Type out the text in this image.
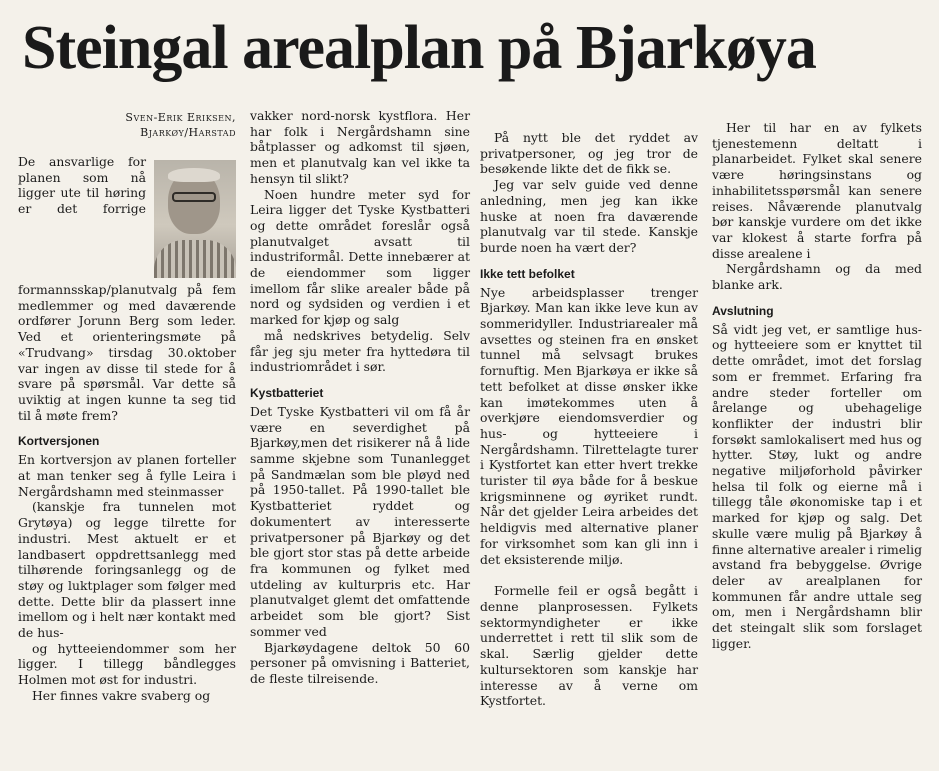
Steingal arealplan på Bjarkøya
Sven-Erik Eriksen,
Bjarkøy/Harstad

De ansvarlige for planen som nå ligger ute til høring er det forrige formannsskap/planutvalg på fem medlemmer og med daværende ordfører Jorunn Berg som leder. Ved et orienteringsmøte på «Trudvang» tirsdag 30.oktober var ingen av disse til stede for å svare på spørsmål. Var dette så uviktig at ingen kunne ta seg tid til å møte frem?

Kortversjonen

En kortversjon av planen forteller at man tenker seg å fylle Leira i Nergårdshamn med steinmasser

(kanskje fra tunnelen mot Grytøya) og legge tilrette for industri. Mest aktuelt er et landbasert oppdrettsanlegg med tilhørende foringsanlegg og de støy og luktplager som følger med dette. Dette blir da plassert inne imellom og i helt nær kontakt med de hus-

og hytteeiendommer som her ligger. I tillegg båndlegges Holmen mot øst for industri.

Her finnes vakre svaberg og

vakker nord-norsk kystflora. Her har folk i Nergårdshamn sine båtplasser og adkomst til sjøen, men et planutvalg kan vel ikke ta hensyn til slikt?

Noen hundre meter syd for Leira ligger det Tyske Kystbatteri og dette området foreslår også planutvalget avsatt til industriformål. Dette innebærer at de eiendommer som ligger imellom får slike arealer både på nord og sydsiden og verdien i et marked for kjøp og salg

må nedskrives betydelig. Selv får jeg sju meter fra hyttedøra til industriområdet i sør.

Kystbatteriet

Det Tyske Kystbatteri vil om få år være en severdighet på Bjarkøy,men det risikerer nå å lide samme skjebne som Tunanlegget på Sandmælan som ble pløyd ned på 1950-tallet. På 1990-tallet ble Kystbatteriet ryddet og dokumentert av interesserte privatpersoner på Bjarkøy og det ble gjort stor stas på dette arbeide fra kommunen og fylket med utdeling av kulturpris etc. Har planutvalget glemt det omfattende arbeidet som ble gjort? Sist sommer ved

Bjarkøydagene deltok 50 60 personer på omvisning i Batteriet, de fleste tilreisende.

På nytt ble det ryddet av privatpersoner, og jeg tror de besøkende likte det de fikk se.

Jeg var selv guide ved denne anledning, men jeg kan ikke huske at noen fra daværende planutvalg var til stede. Kanskje burde noen ha vært der?

Ikke tett befolket

Nye arbeidsplasser trenger Bjarkøy. Man kan ikke leve kun av sommeridyller. Industriarealer må avsettes og steinen fra en ønsket tunnel må selvsagt brukes fornuftig. Men Bjarkøya er ikke så tett befolket at disse ønsker ikke kan imøtekommes uten å overkjøre eiendomsverdier og hus- og hytteeiere i Nergårdshamn. Tilrettelagte turer i Kystfortet kan etter hvert trekke turister til øya både for å beskue krigsminnene og øyriket rundt. Når det gjelder Leira arbeides det heldigvis med alternative planer for virksomhet som kan gli inn i det eksisterende miljø.

Formelle feil er også begått i denne planprosessen. Fylkets sektormyndigheter er ikke underrettet i rett til slik som de skal. Særlig gjelder dette kultursektoren som kanskje har interesse av å verne om Kystfortet.

Her til har en av fylkets tjenestemenn deltatt i planarbeidet. Fylket skal senere være høringsinstans og inhabilitetsspørsmål kan senere reises. Nåværende planutvalg bør kanskje vurdere om det ikke var klokest å starte forfra på disse arealene i

Nergårdshamn og da med blanke ark.

Avslutning

Så vidt jeg vet, er samtlige hus- og hytteeiere som er knyttet til dette området, imot det forslag som er fremmet. Erfaring fra andre steder forteller om årelange og ubehagelige konflikter der industri blir forsøkt samlokalisert med hus og hytter. Støy, lukt og andre negative miljøforhold påvirker helsa til folk og eierne må i tillegg tåle økonomiske tap i et marked for kjøp og salg. Det skulle være mulig på Bjarkøy å finne alternative arealer i rimelig avstand fra bebyggelse. Øvrige deler av arealplanen for kommunen får andre uttale seg om, men i Nergårdshamn blir det steingalt slik som forslaget ligger.
